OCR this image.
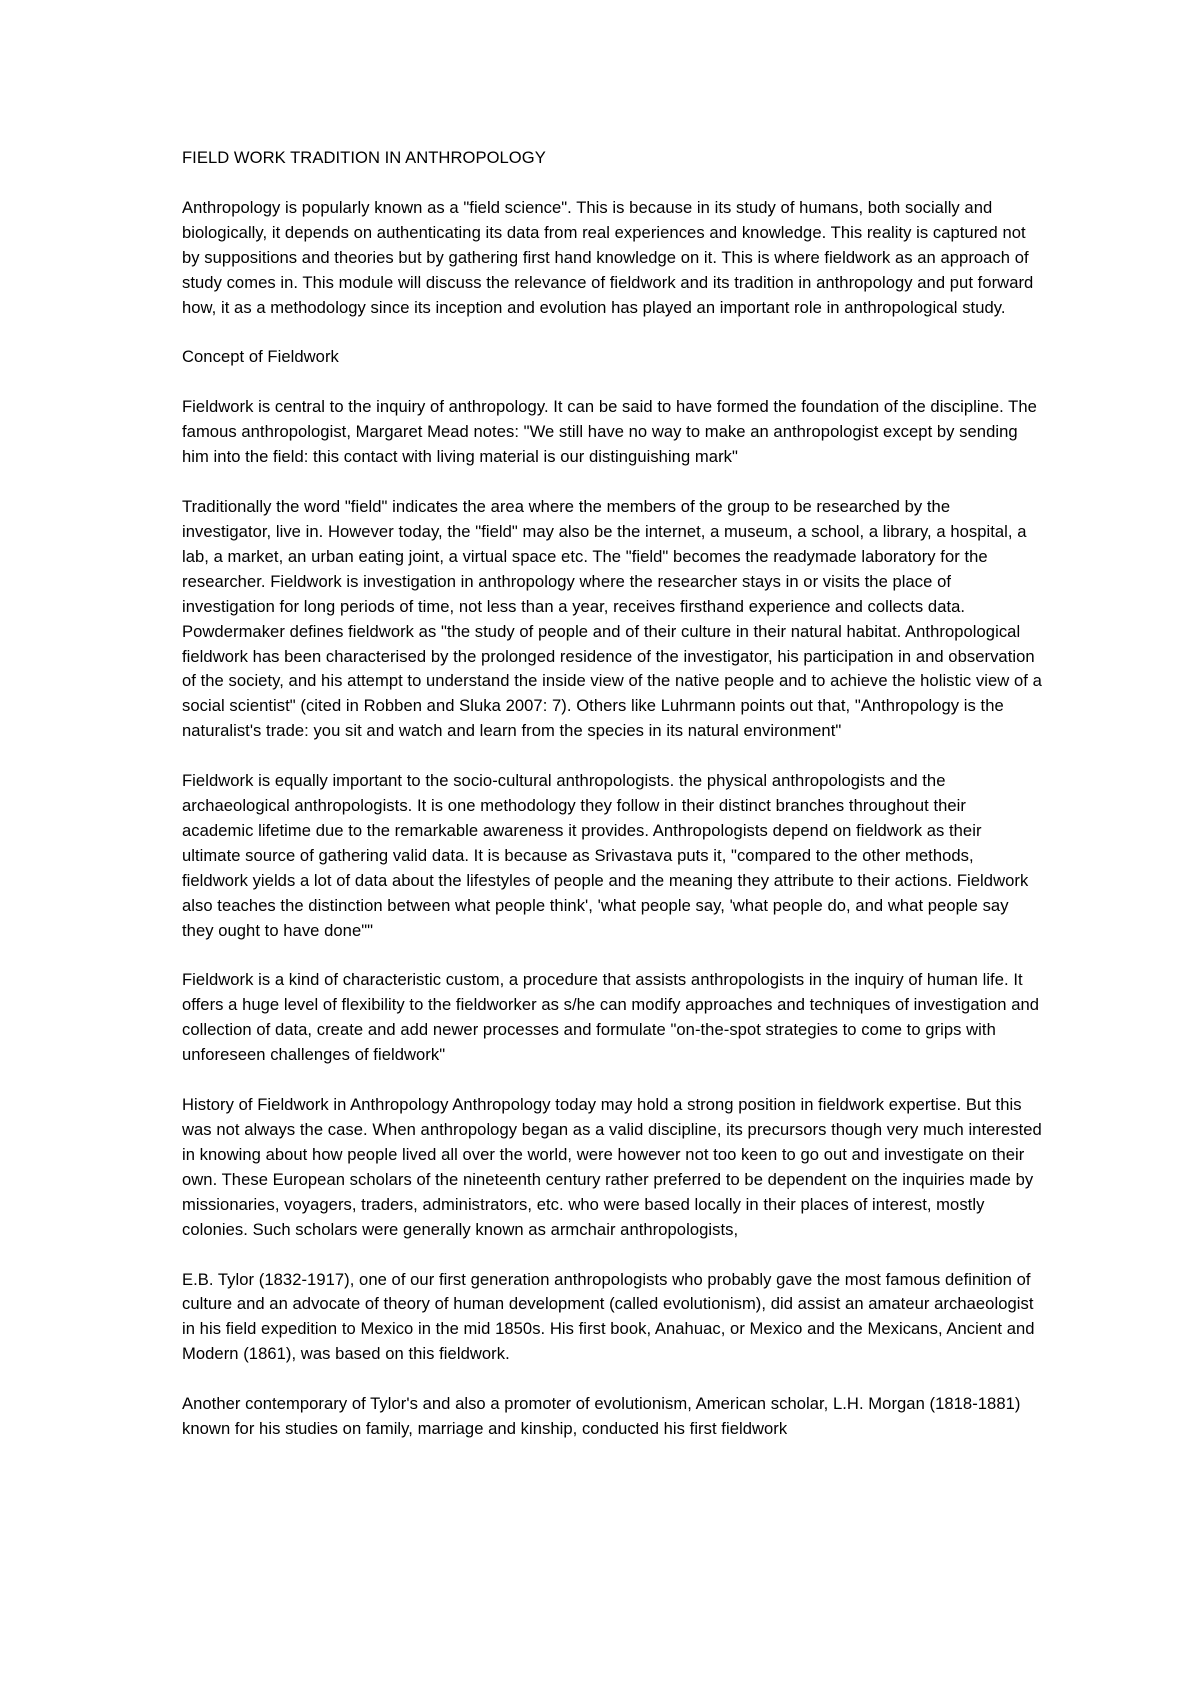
FIELD WORK TRADITION IN ANTHROPOLOGY

Anthropology is popularly known as a "field science". This is because in its study of humans, both socially and biologically, it depends on authenticating its data from real experiences and knowledge. This reality is captured not by suppositions and theories but by gathering first hand knowledge on it. This is where fieldwork as an approach of study comes in. This module will discuss the relevance of fieldwork and its tradition in anthropology and put forward how, it as a methodology since its inception and evolution has played an important role in anthropological study.

Concept of Fieldwork

Fieldwork is central to the inquiry of anthropology. It can be said to have formed the foundation of the discipline. The famous anthropologist, Margaret Mead notes: "We still have no way to make an anthropologist except by sending him into the field: this contact with living material is our distinguishing mark"

Traditionally the word "field" indicates the area where the members of the group to be researched by the investigator, live in. However today, the "field" may also be the internet, a museum, a school, a library, a hospital, a lab, a market, an urban eating joint, a virtual space etc. The "field" becomes the readymade laboratory for the researcher. Fieldwork is investigation in anthropology where the researcher stays in or visits the place of investigation for long periods of time, not less than a year, receives firsthand experience and collects data. Powdermaker defines fieldwork as "the study of people and of their culture in their natural habitat. Anthropological fieldwork has been characterised by the prolonged residence of the investigator, his participation in and observation of the society, and his attempt to understand the inside view of the native people and to achieve the holistic view of a social scientist" (cited in Robben and Sluka 2007: 7). Others like Luhrmann points out that, "Anthropology is the naturalist's trade: you sit and watch and learn from the species in its natural environment"

Fieldwork is equally important to the socio-cultural anthropologists. the physical anthropologists and the archaeological anthropologists. It is one methodology they follow in their distinct branches throughout their academic lifetime due to the remarkable awareness it provides. Anthropologists depend on fieldwork as their ultimate source of gathering valid data. It is because as Srivastava puts it, "compared to the other methods, fieldwork yields a lot of data about the lifestyles of people and the meaning they attribute to their actions. Fieldwork also teaches the distinction between what people think', 'what people say, 'what people do, and what people say they ought to have done""

Fieldwork is a kind of characteristic custom, a procedure that assists anthropologists in the inquiry of human life. It offers a huge level of flexibility to the fieldworker as s/he can modify approaches and techniques of investigation and collection of data, create and add newer processes and formulate "on-the-spot strategies to come to grips with unforeseen challenges of fieldwork"

History of Fieldwork in Anthropology Anthropology today may hold a strong position in fieldwork expertise. But this was not always the case. When anthropology began as a valid discipline, its precursors though very much interested in knowing about how people lived all over the world, were however not too keen to go out and investigate on their own. These European scholars of the nineteenth century rather preferred to be dependent on the inquiries made by missionaries, voyagers, traders, administrators, etc. who were based locally in their places of interest, mostly colonies. Such scholars were generally known as armchair anthropologists,

E.B. Tylor (1832-1917), one of our first generation anthropologists who probably gave the most famous definition of culture and an advocate of theory of human development (called evolutionism), did assist an amateur archaeologist in his field expedition to Mexico in the mid 1850s. His first book, Anahuac, or Mexico and the Mexicans, Ancient and Modern (1861), was based on this fieldwork.

Another contemporary of Tylor's and also a promoter of evolutionism, American scholar, L.H. Morgan (1818-1881) known for his studies on family, marriage and kinship, conducted his first fieldwork
